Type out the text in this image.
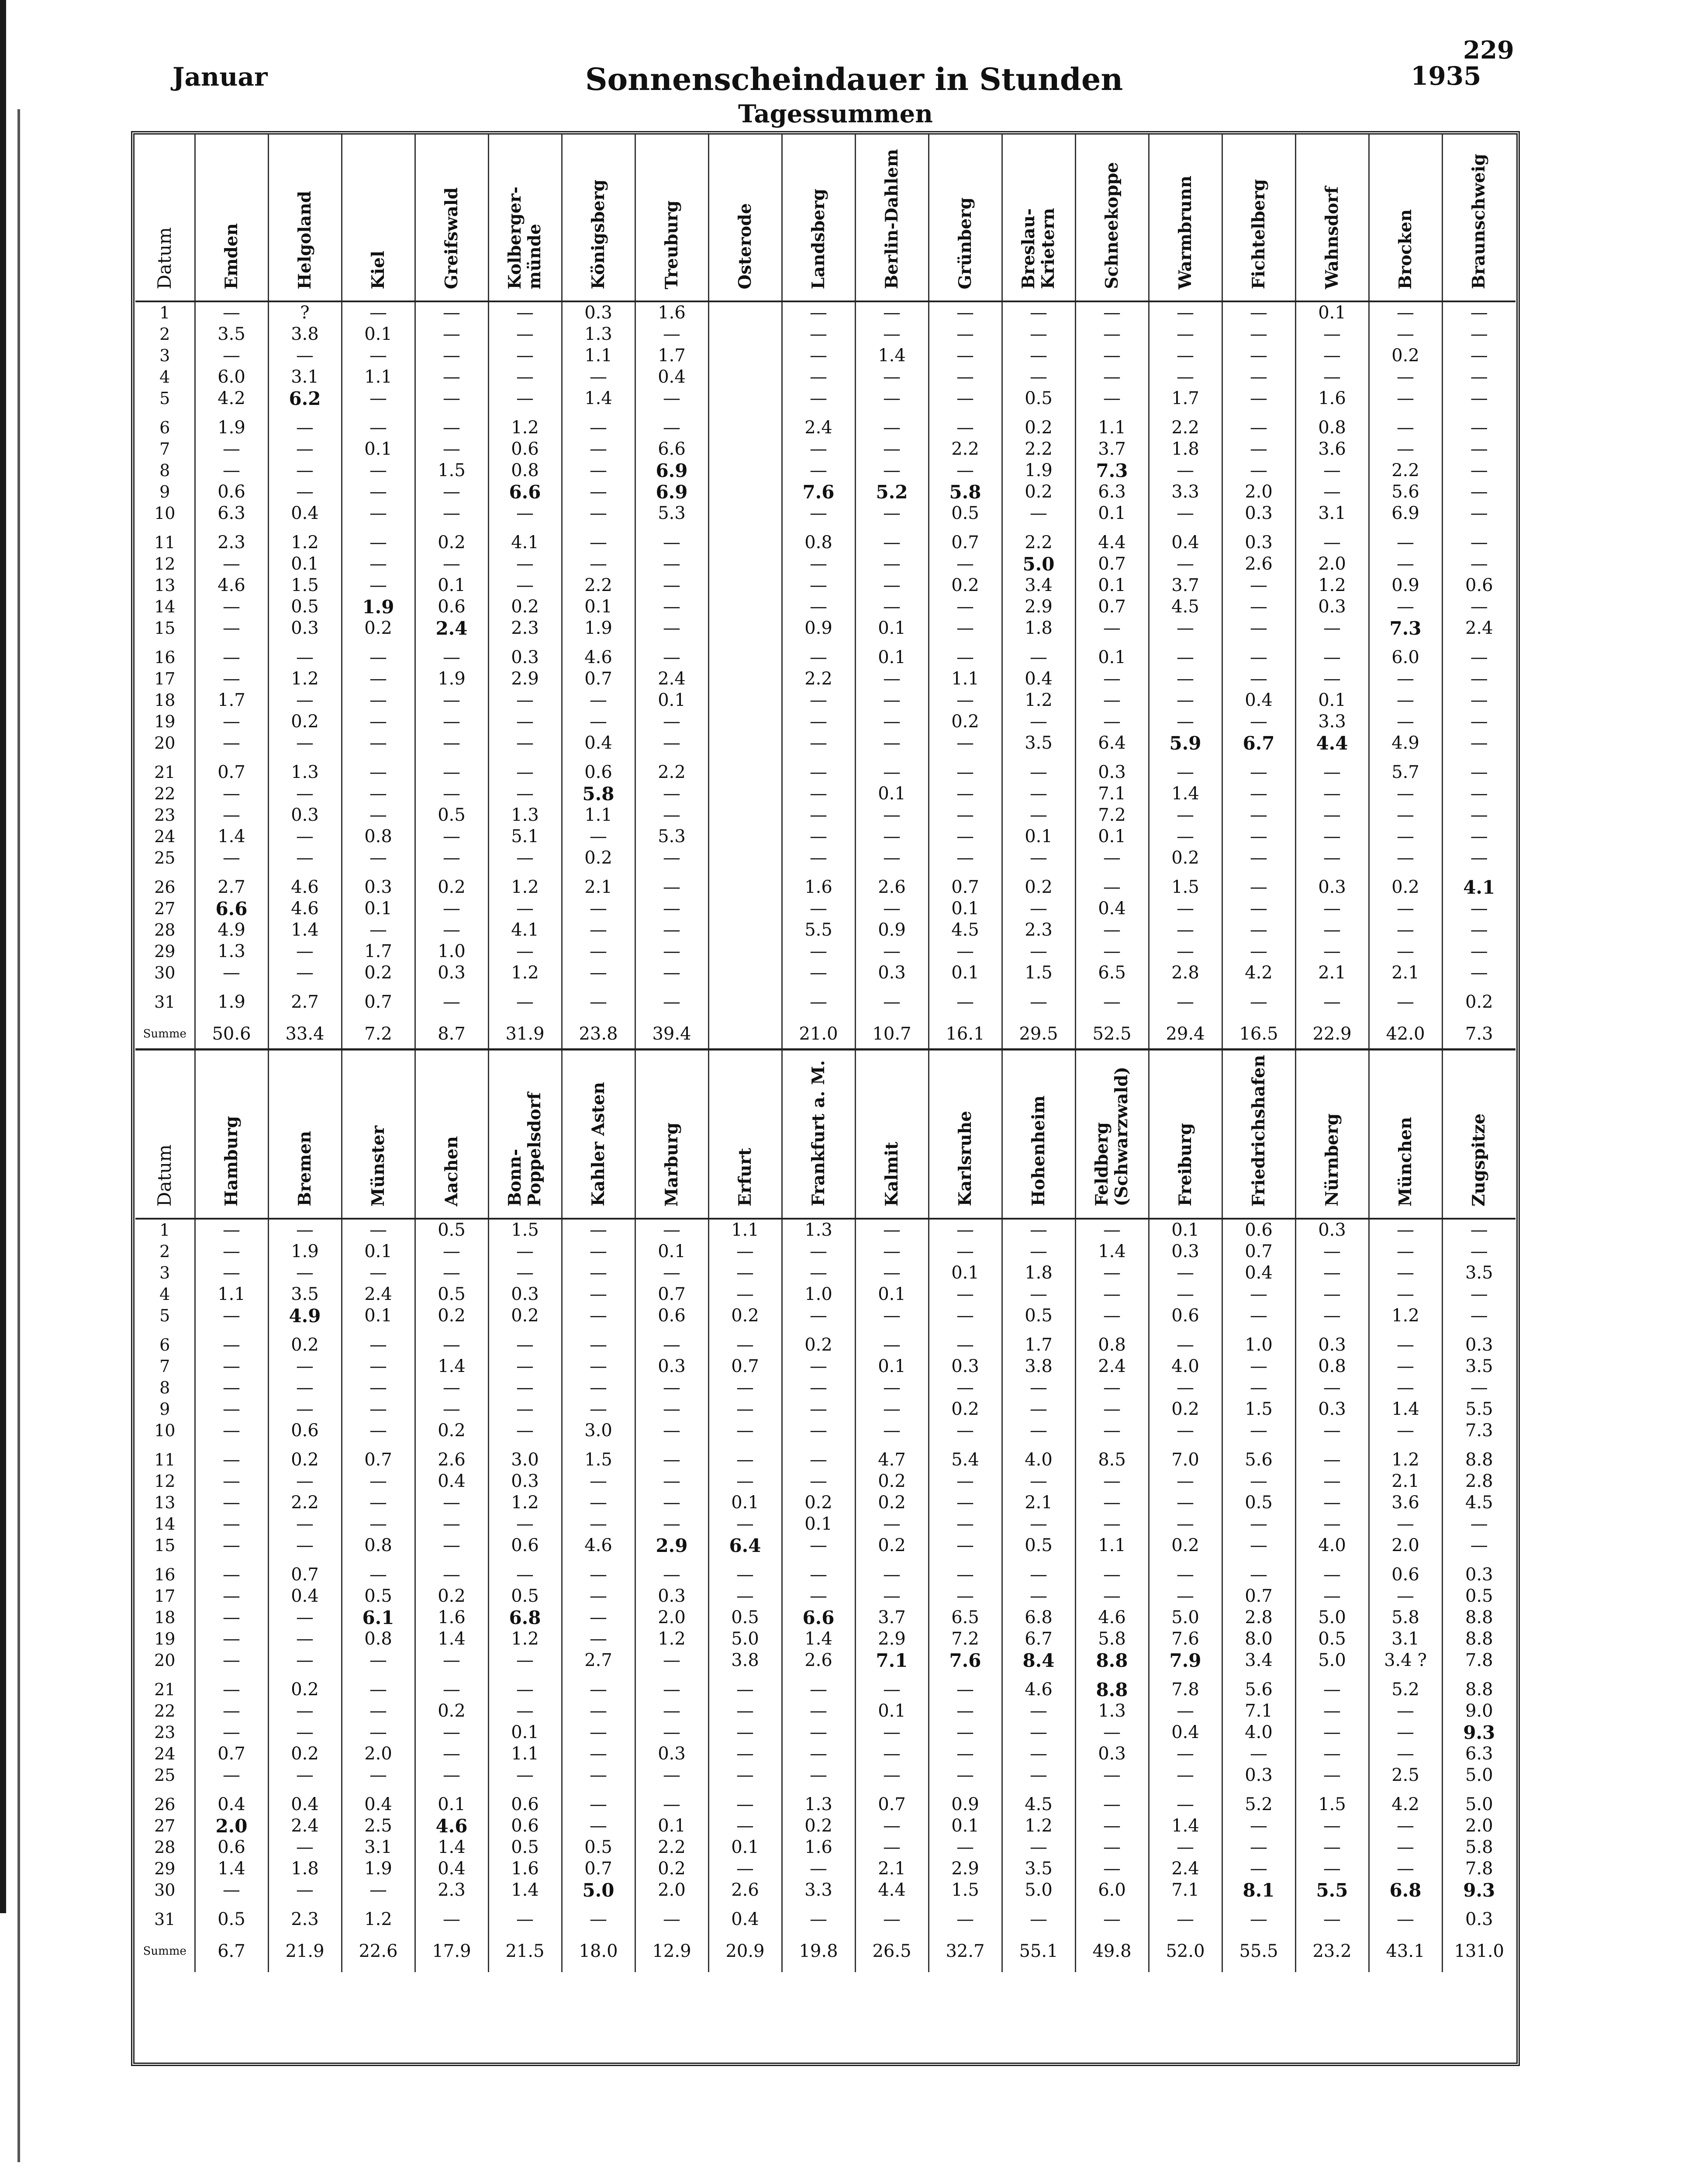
Januar	Sonnenscheindauer in Stunden
Tagessummen
1935
229
Datum	Emden	Helgoland	Kiel	Greifswald	Kolberger-
münde	Königsberg	Treuburg	Osterode	Landsberg	Berlin-Dahlem	Grünberg	Breslau-
Krietern	Schneekoppe	Warmbrunn	Fichtelberg	Wahnsdorf	Brocken	Braunschweig

1	—	?	—	—	—	0.3	1.6		—	—	—	—	—	—	—	0.1	—	—
2	3.5	3.8	0.1	—	—	1.3	—		—	—	—	—	—	—	—	—	—	—
3	—	—	—	—	—	1.1	1.7		—	1.4	—	—	—	—	—	—	0.2	—
4	6.0	3.1	1.1	—	—	—	0.4		—	—	—	—	—	—	—	—	—	—
5	4.2	6.2	—	—	—	1.4	—		—	—	—	0.5	—	1.7	—	1.6	—	—
6	1.9	—	—	—	1.2	—	—		2.4	—	—	0.2	1.1	2.2	—	0.8	—	—
7	—	—	0.1	—	0.6	—	6.6		—	—	2.2	2.2	3.7	1.8	—	3.6	—	—
8	—	—	—	1.5	0.8	—	6.9		—	—	—	1.9	7.3	—	—	—	2.2	—
9	0.6	—	—	—	6.6	—	6.9		7.6	5.2	5.8	0.2	6.3	3.3	2.0	—	5.6	—
10	6.3	0.4	—	—	—	—	5.3		—	—	0.5	—	0.1	—	0.3	3.1	6.9	—
11	2.3	1.2	—	0.2	4.1	—	—		0.8	—	0.7	2.2	4.4	0.4	0.3	—	—	—
12	—	0.1	—	—	—	—	—		—	—	—	5.0	0.7	—	2.6	2.0	—	—
13	4.6	1.5	—	0.1	—	2.2	—		—	—	0.2	3.4	0.1	3.7	—	1.2	0.9	0.6
14	—	0.5	1.9	0.6	0.2	0.1	—		—	—	—	2.9	0.7	4.5	—	0.3	—	—
15	—	0.3	0.2	2.4	2.3	1.9	—		0.9	0.1	—	1.8	—	—	—	—	7.3	2.4
16	—	—	—	—	0.3	4.6	—		—	0.1	—	—	0.1	—	—	—	6.0	—
17	—	1.2	—	1.9	2.9	0.7	2.4		2.2	—	1.1	0.4	—	—	—	—	—	—
18	1.7	—	—	—	—	—	0.1		—	—	—	1.2	—	—	0.4	0.1	—	—
19	—	0.2	—	—	—	—	—		—	—	0.2	—	—	—	—	3.3	—	—
20	—	—	—	—	—	0.4	—		—	—	—	3.5	6.4	5.9	6.7	4.4	4.9	—
21	0.7	1.3	—	—	—	0.6	2.2		—	—	—	—	0.3	—	—	—	5.7	—
22	—	—	—	—	—	5.8	—		—	0.1	—	—	7.1	1.4	—	—	—	—
23	—	0.3	—	0.5	1.3	1.1	—		—	—	—	—	7.2	—	—	—	—	—
24	1.4	—	0.8	—	5.1	—	5.3		—	—	—	0.1	0.1	—	—	—	—	—
25	—	—	—	—	—	0.2	—		—	—	—	—	—	0.2	—	—	—	—
26	2.7	4.6	0.3	0.2	1.2	2.1	—		1.6	2.6	0.7	0.2	—	1.5	—	0.3	0.2	4.1
27	6.6	4.6	0.1	—	—	—	—		—	—	0.1	—	0.4	—	—	—	—	—
28	4.9	1.4	—	—	4.1	—	—		5.5	0.9	4.5	2.3	—	—	—	—	—	—
29	1.3	—	1.7	1.0	—	—	—		—	—	—	—	—	—	—	—	—	—
30	—	—	0.2	0.3	1.2	—	—		—	0.3	0.1	1.5	6.5	2.8	4.2	2.1	2.1	—
31	1.9	2.7	0.7	—	—	—	—		—	—	—	—	—	—	—	—	—	0.2
Summe	50.6	33.4	7.2	8.7	31.9	23.8	39.4		21.0	10.7	16.1	29.5	52.5	29.4	16.5	22.9	42.0	7.3
Datum	Hamburg	Bremen	Münster	Aachen	Bonn-
Poppelsdorf	Kahler Asten	Marburg	Erfurt	Frankfurt a. M.	Kalmit	Karlsruhe	Hohenheim	Feldberg
(Schwarzwald)	Freiburg	Friedrichshafen	Nürnberg	München	Zugspitze

1	—	—	—	0.5	1.5	—	—	1.1	1.3	—	—	—	—	0.1	0.6	0.3	—	—
2	—	1.9	0.1	—	—	—	0.1	—	—	—	—	—	1.4	0.3	0.7	—	—	—
3	—	—	—	—	—	—	—	—	—	—	0.1	1.8	—	—	0.4	—	—	3.5
4	1.1	3.5	2.4	0.5	0.3	—	0.7	—	1.0	0.1	—	—	—	—	—	—	—	—
5	—	4.9	0.1	0.2	0.2	—	0.6	0.2	—	—	—	0.5	—	0.6	—	—	1.2	—
6	—	0.2	—	—	—	—	—	—	0.2	—	—	1.7	0.8	—	1.0	0.3	—	0.3
7	—	—	—	1.4	—	—	0.3	0.7	—	0.1	0.3	3.8	2.4	4.0	—	0.8	—	3.5
8	—	—	—	—	—	—	—	—	—	—	—	—	—	—	—	—	—	—
9	—	—	—	—	—	—	—	—	—	—	0.2	—	—	0.2	1.5	0.3	1.4	5.5
10	—	0.6	—	0.2	—	3.0	—	—	—	—	—	—	—	—	—	—	—	7.3
11	—	0.2	0.7	2.6	3.0	1.5	—	—	—	4.7	5.4	4.0	8.5	7.0	5.6	—	1.2	8.8
12	—	—	—	0.4	0.3	—	—	—	—	0.2	—	—	—	—	—	—	2.1	2.8
13	—	2.2	—	—	1.2	—	—	0.1	0.2	0.2	—	2.1	—	—	0.5	—	3.6	4.5
14	—	—	—	—	—	—	—	—	0.1	—	—	—	—	—	—	—	—	—
15	—	—	0.8	—	0.6	4.6	2.9	6.4	—	0.2	—	0.5	1.1	0.2	—	4.0	2.0	—
16	—	0.7	—	—	—	—	—	—	—	—	—	—	—	—	—	—	0.6	0.3
17	—	0.4	0.5	0.2	0.5	—	0.3	—	—	—	—	—	—	—	0.7	—	—	0.5
18	—	—	6.1	1.6	6.8	—	2.0	0.5	6.6	3.7	6.5	6.8	4.6	5.0	2.8	5.0	5.8	8.8
19	—	—	0.8	1.4	1.2	—	1.2	5.0	1.4	2.9	7.2	6.7	5.8	7.6	8.0	0.5	3.1	8.8
20	—	—	—	—	—	2.7	—	3.8	2.6	7.1	7.6	8.4	8.8	7.9	3.4	5.0	3.4 ?	7.8
21	—	0.2	—	—	—	—	—	—	—	—	—	4.6	8.8	7.8	5.6	—	5.2	8.8
22	—	—	—	0.2	—	—	—	—	—	0.1	—	—	1.3	—	7.1	—	—	9.0
23	—	—	—	—	0.1	—	—	—	—	—	—	—	—	0.4	4.0	—	—	9.3
24	0.7	0.2	2.0	—	1.1	—	0.3	—	—	—	—	—	0.3	—	—	—	—	6.3
25	—	—	—	—	—	—	—	—	—	—	—	—	—	—	0.3	—	2.5	5.0
26	0.4	0.4	0.4	0.1	0.6	—	—	—	1.3	0.7	0.9	4.5	—	—	5.2	1.5	4.2	5.0
27	2.0	2.4	2.5	4.6	0.6	—	0.1	—	0.2	—	0.1	1.2	—	1.4	—	—	—	2.0
28	0.6	—	3.1	1.4	0.5	0.5	2.2	0.1	1.6	—	—	—	—	—	—	—	—	5.8
29	1.4	1.8	1.9	0.4	1.6	0.7	0.2	—	—	2.1	2.9	3.5	—	2.4	—	—	—	7.8
30	—	—	—	2.3	1.4	5.0	2.0	2.6	3.3	4.4	1.5	5.0	6.0	7.1	8.1	5.5	6.8	9.3
31	0.5	2.3	1.2	—	—	—	—	0.4	—	—	—	—	—	—	—	—	—	0.3
Summe	6.7	21.9	22.6	17.9	21.5	18.0	12.9	20.9	19.8	26.5	32.7	55.1	49.8	52.0	55.5	23.2	43.1	131.0
